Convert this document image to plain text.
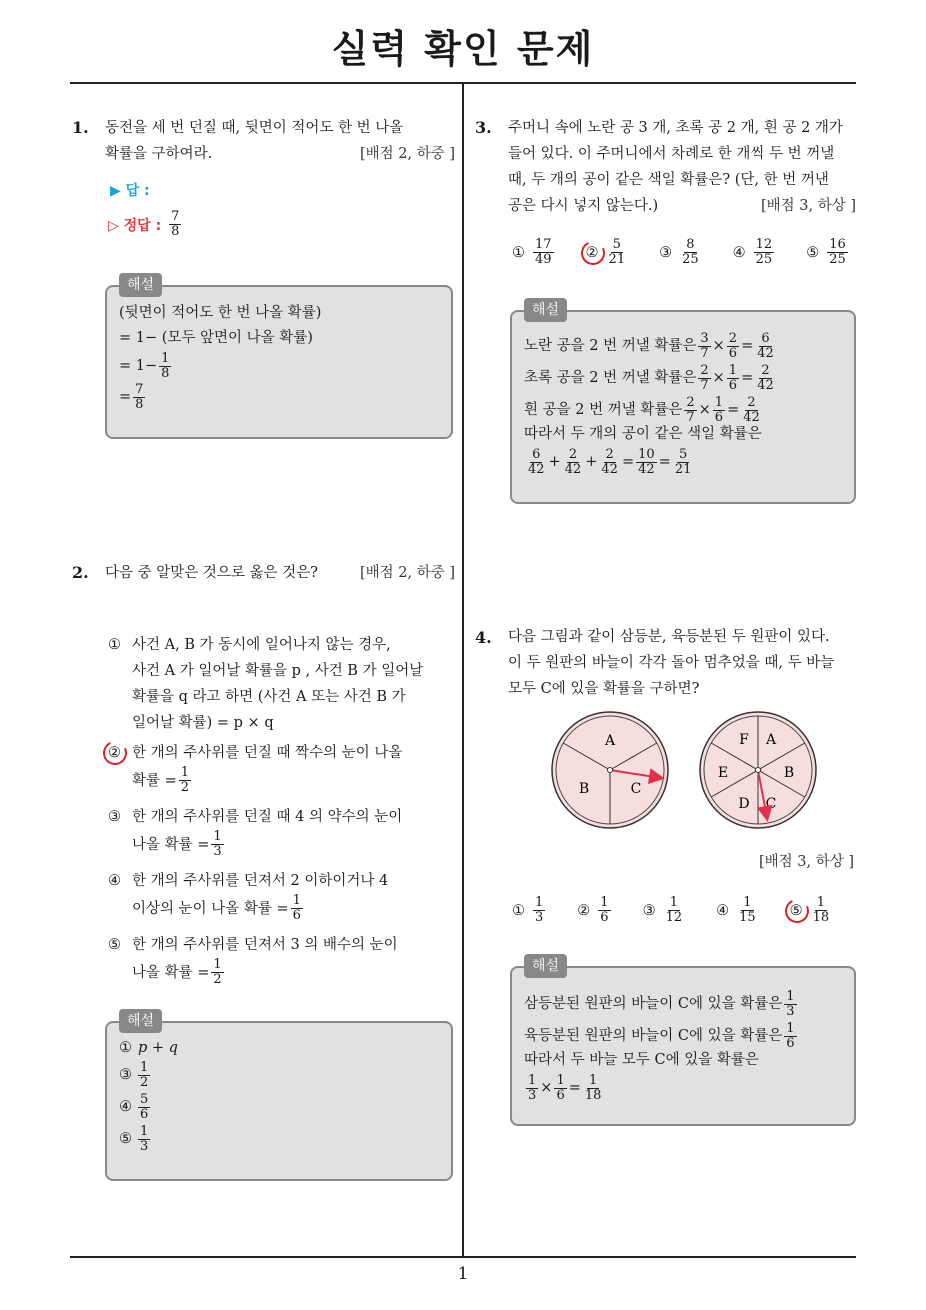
실력 확인 문제
1
1. 동전을 세 번 던질 때, 뒷면이 적어도 한 번 나올
확률을 구하여라.	[배점 2, 하중 ]
▶ 답 :
▷ 정답 : $\frac{7}{8}$
해설
(뒷면이 적어도 한 번 나올 확률)
= 1− (모두 앞면이 나올 확률)
= $1- \frac{1}{8}$
= $\frac{7}{8}$
2. 다음 중 알맞은 것으로 옳은 것은?	[배점 2, 하중 ]
① 사건 A, B 가 동시에 일어나지 않는 경우,
사건 A 가 일어날 확률을 p , 사건 B 가 일어날
확률을 q 라고 하면 (사건 A 또는 사건 B 가
일어날 확률) = p × q
② 한 개의 주사위를 던질 때 짝수의 눈이 나올
확률 = $\frac{1}{2}$
③ 한 개의 주사위를 던질 때 4 의 약수의 눈이
나올 확률 = $\frac{1}{3}$
④ 한 개의 주사위를 던져서 2 이하이거나 4
이상의 눈이 나올 확률 = $\frac{1}{6}$
⑤ 한 개의 주사위를 던져서 3 의 배수의 눈이
나올 확률 = $\frac{1}{2}$
해설
① p + q
③ $\frac{1}{2}$
④ $\frac{5}{6}$
⑤ $\frac{1}{3}$
3. 주머니 속에 노란 공 3 개, 초록 공 2 개, 흰 공 2 개가
들어 있다. 이 주머니에서 차례로 한 개씩 두 번 꺼낼
때, 두 개의 공이 같은 색일 확률은? (단, 한 번 꺼낸
공은 다시 넣지 않는다.)	[배점 3, 하상 ]
① $\frac{17}{49}$ ② $\frac{5}{21}$ ③ $\frac{8}{25}$ ④ $\frac{12}{25}$ ⑤ $\frac{16}{25}$
해설
노란 공을 2 번 꺼낼 확률은 $\frac{3}{7} \times \frac{2}{6} = \frac{6}{42}$
초록 공을 2 번 꺼낼 확률은 $\frac{2}{7} \times \frac{1}{6} = \frac{2}{42}$
흰 공을 2 번 꺼낼 확률은 $\frac{2}{7} \times \frac{1}{6} = \frac{2}{42}$
따라서 두 개의 공이 같은 색일 확률은
$\frac{6}{42} + \frac{2}{42} + \frac{2}{42} = \frac{10}{42} = \frac{5}{21}$
4. 다음 그림과 같이 삼등분, 육등분된 두 원판이 있다.
이 두 원판의 바늘이 각각 돌아 멈추었을 때, 두 바늘
모두 C에 있을 확률을 구하면?
A
B	C
F A
E	B
D C
[배점 3, 하상 ]
① $\frac{1}{3}$ ② $\frac{1}{6}$ ③ $\frac{1}{12}$ ④ $\frac{1}{15}$ ⑤ $\frac{1}{18}$
해설
삼등분된 원판의 바늘이 C에 있을 확률은 $\frac{1}{3}$
육등분된 원판의 바늘이 C에 있을 확률은 $\frac{1}{6}$
따라서 두 바늘 모두 C에 있을 확률은
$\frac{1}{3} \times \frac{1}{6} = \frac{1}{18}$
